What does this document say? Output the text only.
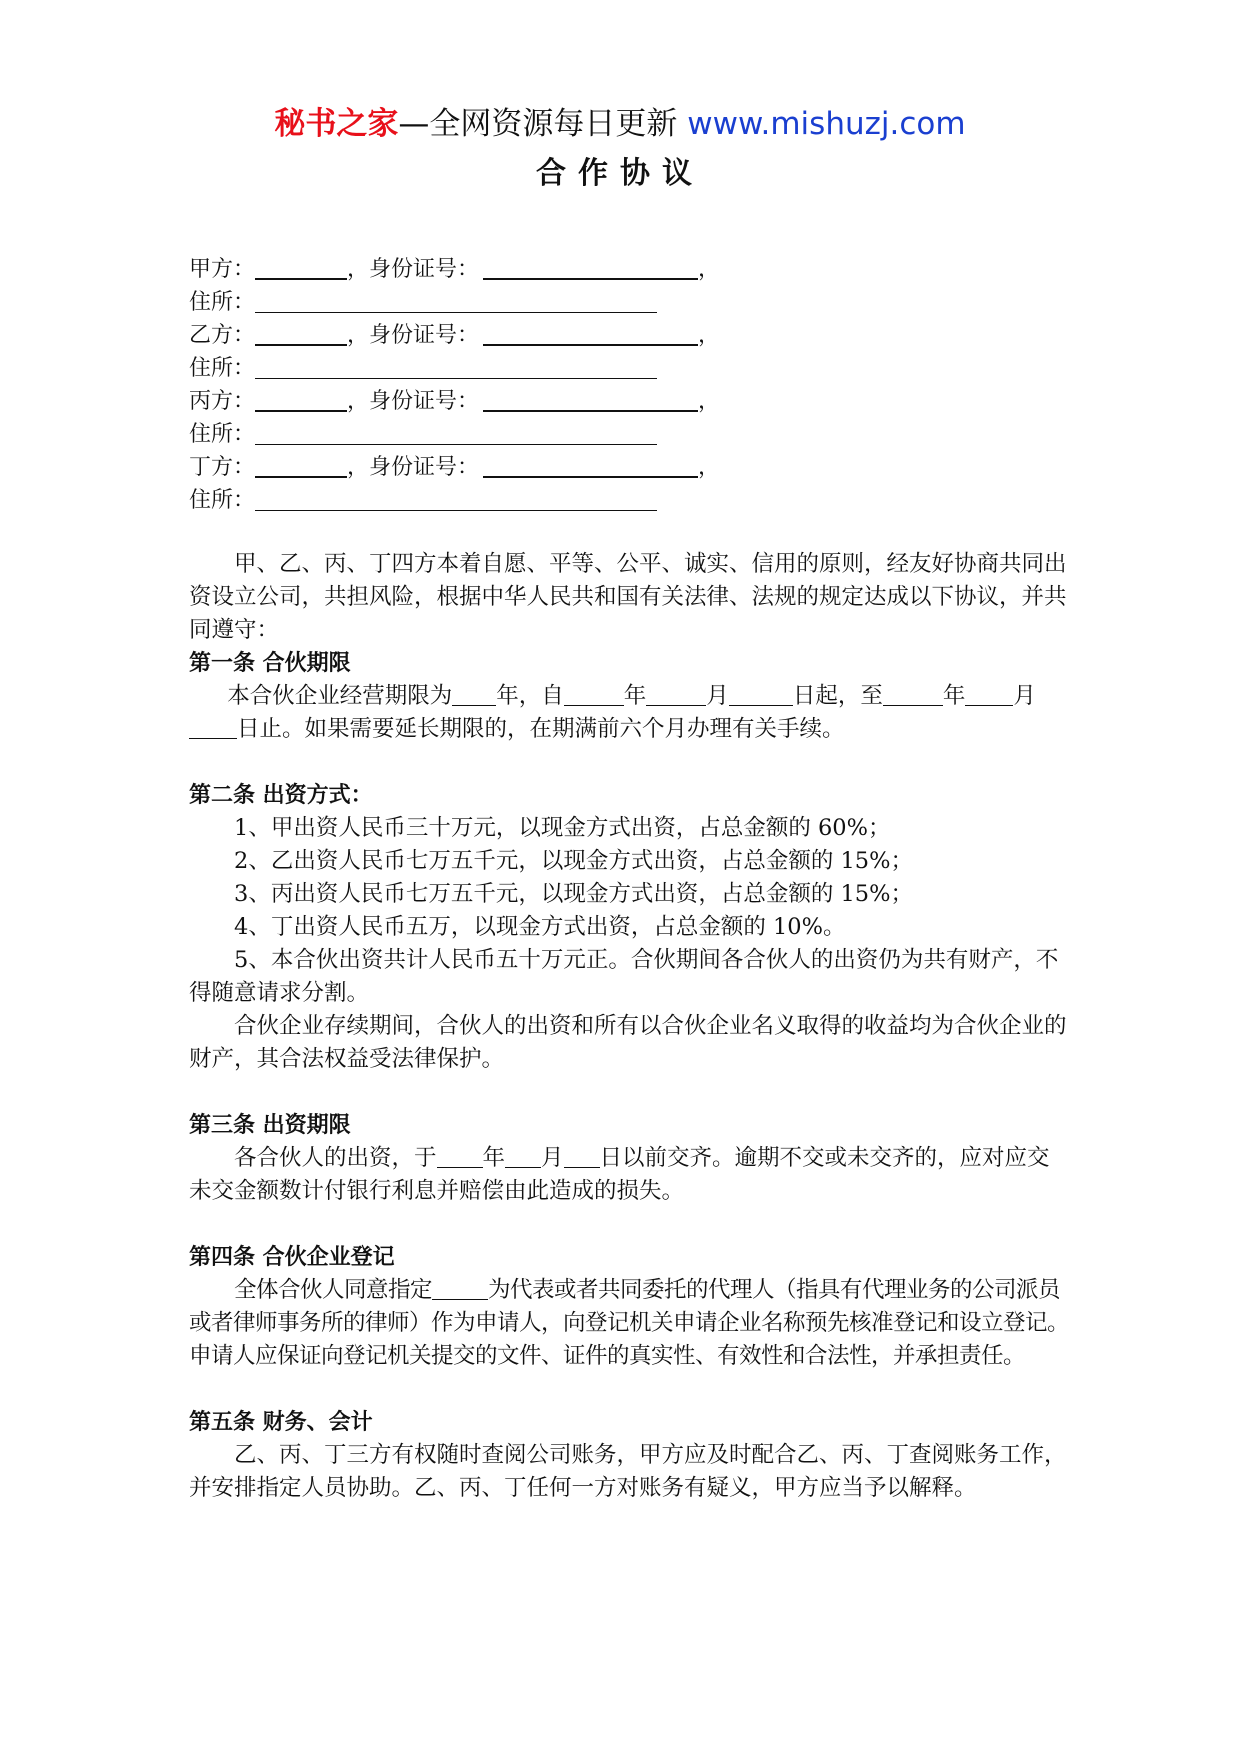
秘书之家—全网资源每日更新 www.mishuzj.com
合作协议
甲方：	，身份证号：	，
住所：
乙方：	，身份证号：	，
住所：
丙方：	，身份证号：	，
住所：
丁方：	，身份证号：	，
住所：

甲、乙、丙、丁四方本着自愿、平等、公平、诚实、信用的原则，经友好协商共同出资设立公司，共担风险，根据中华人民共和国有关法律、法规的规定达成以下协议，并共同遵守：

第一条 合伙期限

本合伙企业经营期限为 年，自	年	月	日起，至	年 月日止。如果需要延长期限的，在期满前六个月办理有关手续。

第二条 出资方式：

1、甲出资人民币三十万元，以现金方式出资，占总金额的 60%；

2、乙出资人民币七万五千元，以现金方式出资，占总金额的 15%；

3、丙出资人民币七万五千元，以现金方式出资，占总金额的 15%；

4、丁出资人民币五万，以现金方式出资，占总金额的 10%。

5、本合伙出资共计人民币五十万元正。合伙期间各合伙人的出资仍为共有财产，不得随意请求分割。

合伙企业存续期间，合伙人的出资和所有以合伙企业名义取得的收益均为合伙企业的财产，其合法权益受法律保护。

第三条 出资期限

各合伙人的出资，于 年 月 日以前交齐。逾期不交或未交齐的，应对应交未交金额数计付银行利息并赔偿由此造成的损失。

第四条 合伙企业登记

全体合伙人同意指定 为代表或者共同委托的代理人（指具有代理业务的公司派员或者律师事务所的律师）作为申请人，向登记机关申请企业名称预先核准登记和设立登记。申请人应保证向登记机关提交的文件、证件的真实性、有效性和合法性，并承担责任。

第五条 财务、会计

乙、丙、丁三方有权随时查阅公司账务，甲方应及时配合乙、丙、丁查阅账务工作，并安排指定人员协助。乙、丙、丁任何一方对账务有疑义，甲方应当予以解释。
